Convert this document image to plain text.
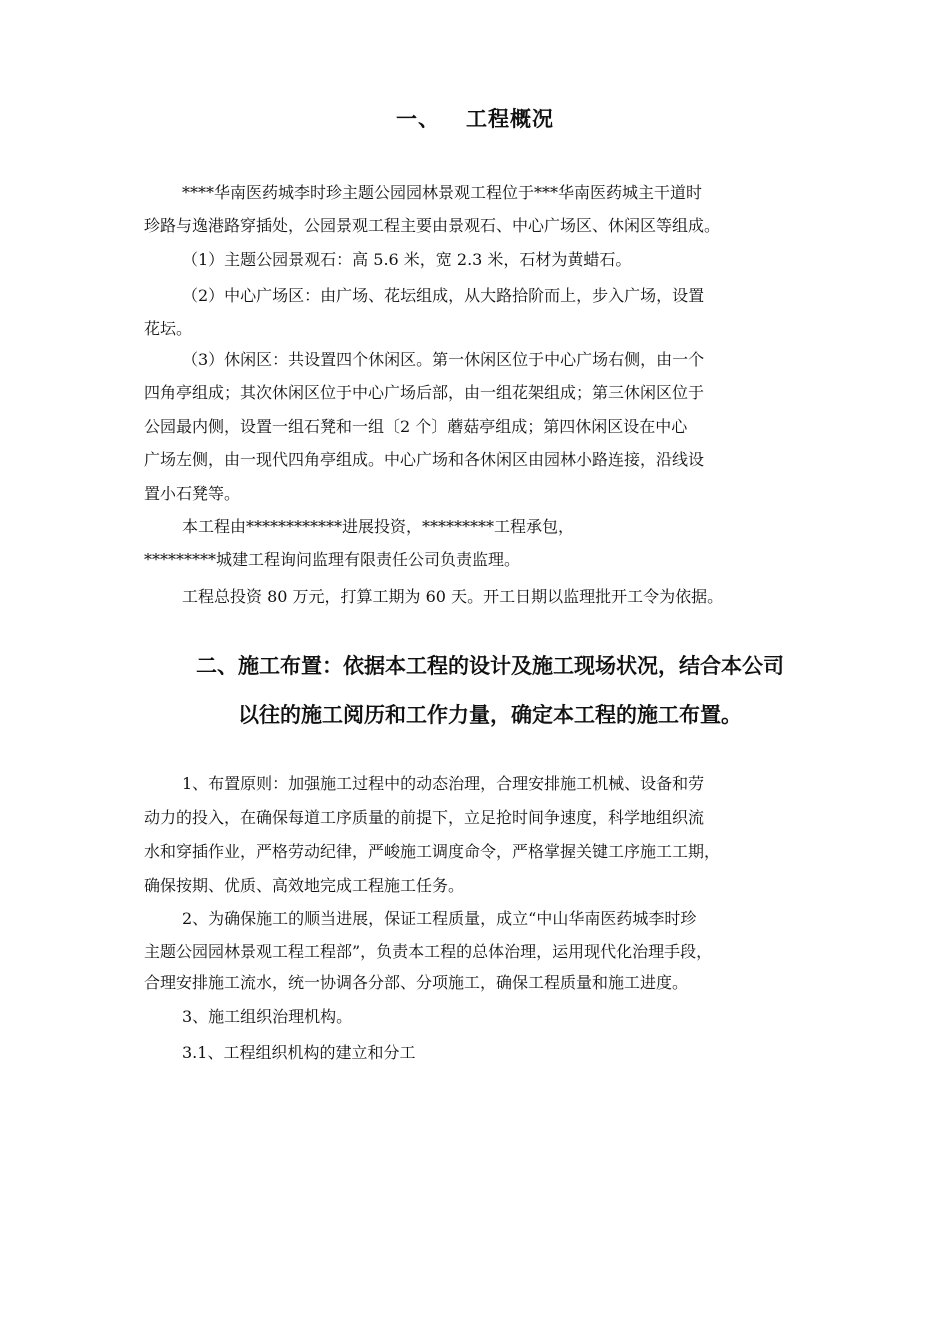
一、 工程概况
****华南医药城李时珍主题公园园林景观工程位于***华南医药城主干道时
珍路与逸港路穿插处，公园景观工程主要由景观石、中心广场区、休闲区等组成。
（1）主题公园景观石：高 5.6 米，宽 2.3 米，石材为黄蜡石。
（2）中心广场区：由广场、花坛组成，从大路拾阶而上，步入广场，设置
花坛。
（3）休闲区：共设置四个休闲区。第一休闲区位于中心广场右侧，由一个
四角亭组成；其次休闲区位于中心广场后部，由一组花架组成；第三休闲区位于
公园最内侧，设置一组石凳和一组〔2 个〕蘑菇亭组成；第四休闲区设在中心
广场左侧，由一现代四角亭组成。中心广场和各休闲区由园林小路连接，沿线设
置小石凳等。
本工程由************进展投资，*********工程承包，
*********城建工程询问监理有限责任公司负责监理。
工程总投资 80 万元，打算工期为 60 天。开工日期以监理批开工令为依据。
二、施工布置：依据本工程的设计及施工现场状况，结合本公司
以往的施工阅历和工作力量，确定本工程的施工布置。
1、布置原则：加强施工过程中的动态治理，合理安排施工机械、设备和劳
动力的投入，在确保每道工序质量的前提下，立足抢时间争速度，科学地组织流
水和穿插作业，严格劳动纪律，严峻施工调度命令，严格掌握关键工序施工工期，
确保按期、优质、高效地完成工程施工任务。
2、为确保施工的顺当进展，保证工程质量，成立“中山华南医药城李时珍
主题公园园林景观工程工程部”，负责本工程的总体治理，运用现代化治理手段，
合理安排施工流水，统一协调各分部、分项施工，确保工程质量和施工进度。
3、施工组织治理机构。
3.1、工程组织机构的建立和分工
